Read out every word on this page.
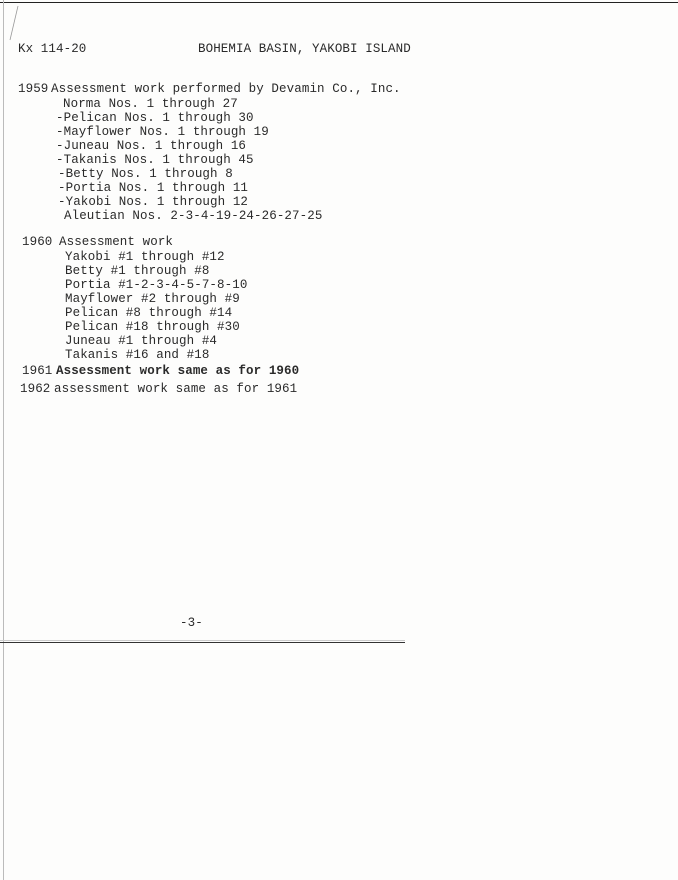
Kx 114-20	BOHEMIA BASIN, YAKOBI ISLAND
1959 Assessment work performed by Devamin Co., Inc.
Norma Nos. 1 through 27
-Pelican Nos. 1 through 30
-Mayflower Nos. 1 through 19
-Juneau Nos. 1 through 16
-Takanis Nos. 1 through 45
-Betty Nos. 1 through 8
-Portia Nos. 1 through 11
-Yakobi Nos. 1 through 12
Aleutian Nos. 2-3-4-19-24-26-27-25
1960 Assessment work
Yakobi #1 through #12
Betty #1 through #8
Portia #1-2-3-4-5-7-8-10
Mayflower #2 through #9
Pelican #8 through #14
Pelican #18 through #30
Juneau #1 through #4
Takanis #16 and #18
1961 Assessment work same as for 1960
1962 assessment work same as for 1961
-3-
